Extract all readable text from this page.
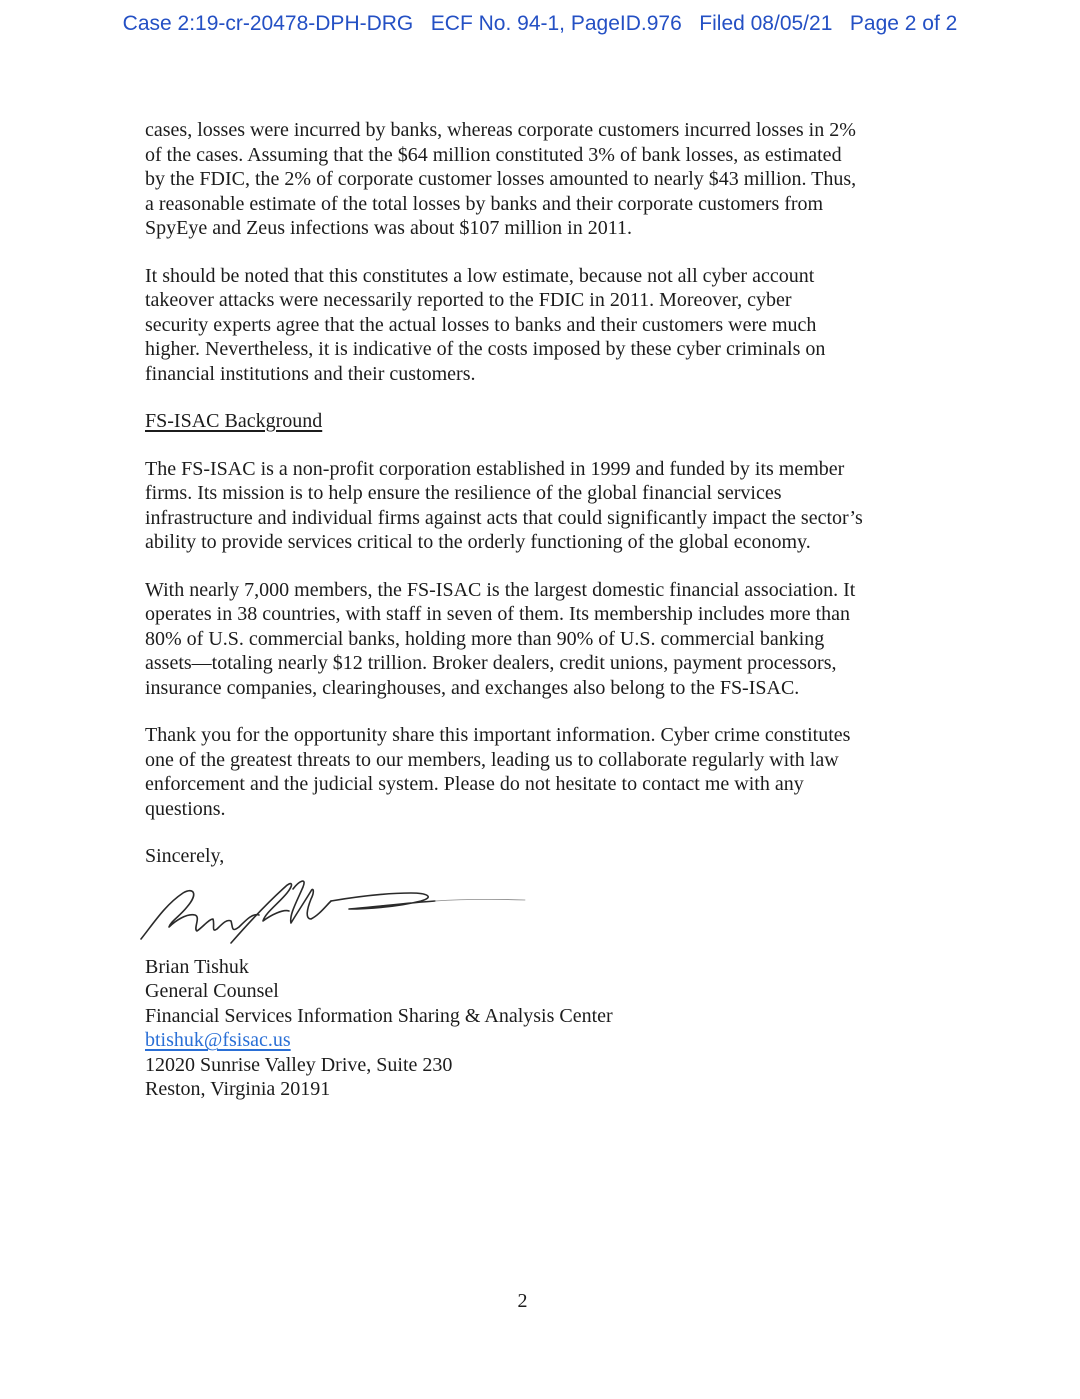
Case 2:19-cr-20478-DPH-DRG ECF No. 94-1, PageID.976 Filed 08/05/21 Page 2 of 2
cases, losses were incurred by banks, whereas corporate customers incurred losses in 2%
of the cases. Assuming that the $64 million constituted 3% of bank losses, as estimated
by the FDIC, the 2% of corporate customer losses amounted to nearly $43 million. Thus,
a reasonable estimate of the total losses by banks and their corporate customers from
SpyEye and Zeus infections was about $107 million in 2011.
It should be noted that this constitutes a low estimate, because not all cyber account
takeover attacks were necessarily reported to the FDIC in 2011. Moreover, cyber
security experts agree that the actual losses to banks and their customers were much
higher. Nevertheless, it is indicative of the costs imposed by these cyber criminals on
financial institutions and their customers.
FS-ISAC Background
The FS-ISAC is a non-profit corporation established in 1999 and funded by its member
firms. Its mission is to help ensure the resilience of the global financial services
infrastructure and individual firms against acts that could significantly impact the sector’s
ability to provide services critical to the orderly functioning of the global economy.
With nearly 7,000 members, the FS-ISAC is the largest domestic financial association. It
operates in 38 countries, with staff in seven of them. Its membership includes more than
80% of U.S. commercial banks, holding more than 90% of U.S. commercial banking
assets—totaling nearly $12 trillion. Broker dealers, credit unions, payment processors,
insurance companies, clearinghouses, and exchanges also belong to the FS-ISAC.
Thank you for the opportunity share this important information. Cyber crime constitutes
one of the greatest threats to our members, leading us to collaborate regularly with law
enforcement and the judicial system. Please do not hesitate to contact me with any
questions.
Sincerely,
Brian Tishuk
General Counsel
Financial Services Information Sharing & Analysis Center
btishuk@fsisac.us
12020 Sunrise Valley Drive, Suite 230
Reston, Virginia 20191
2
